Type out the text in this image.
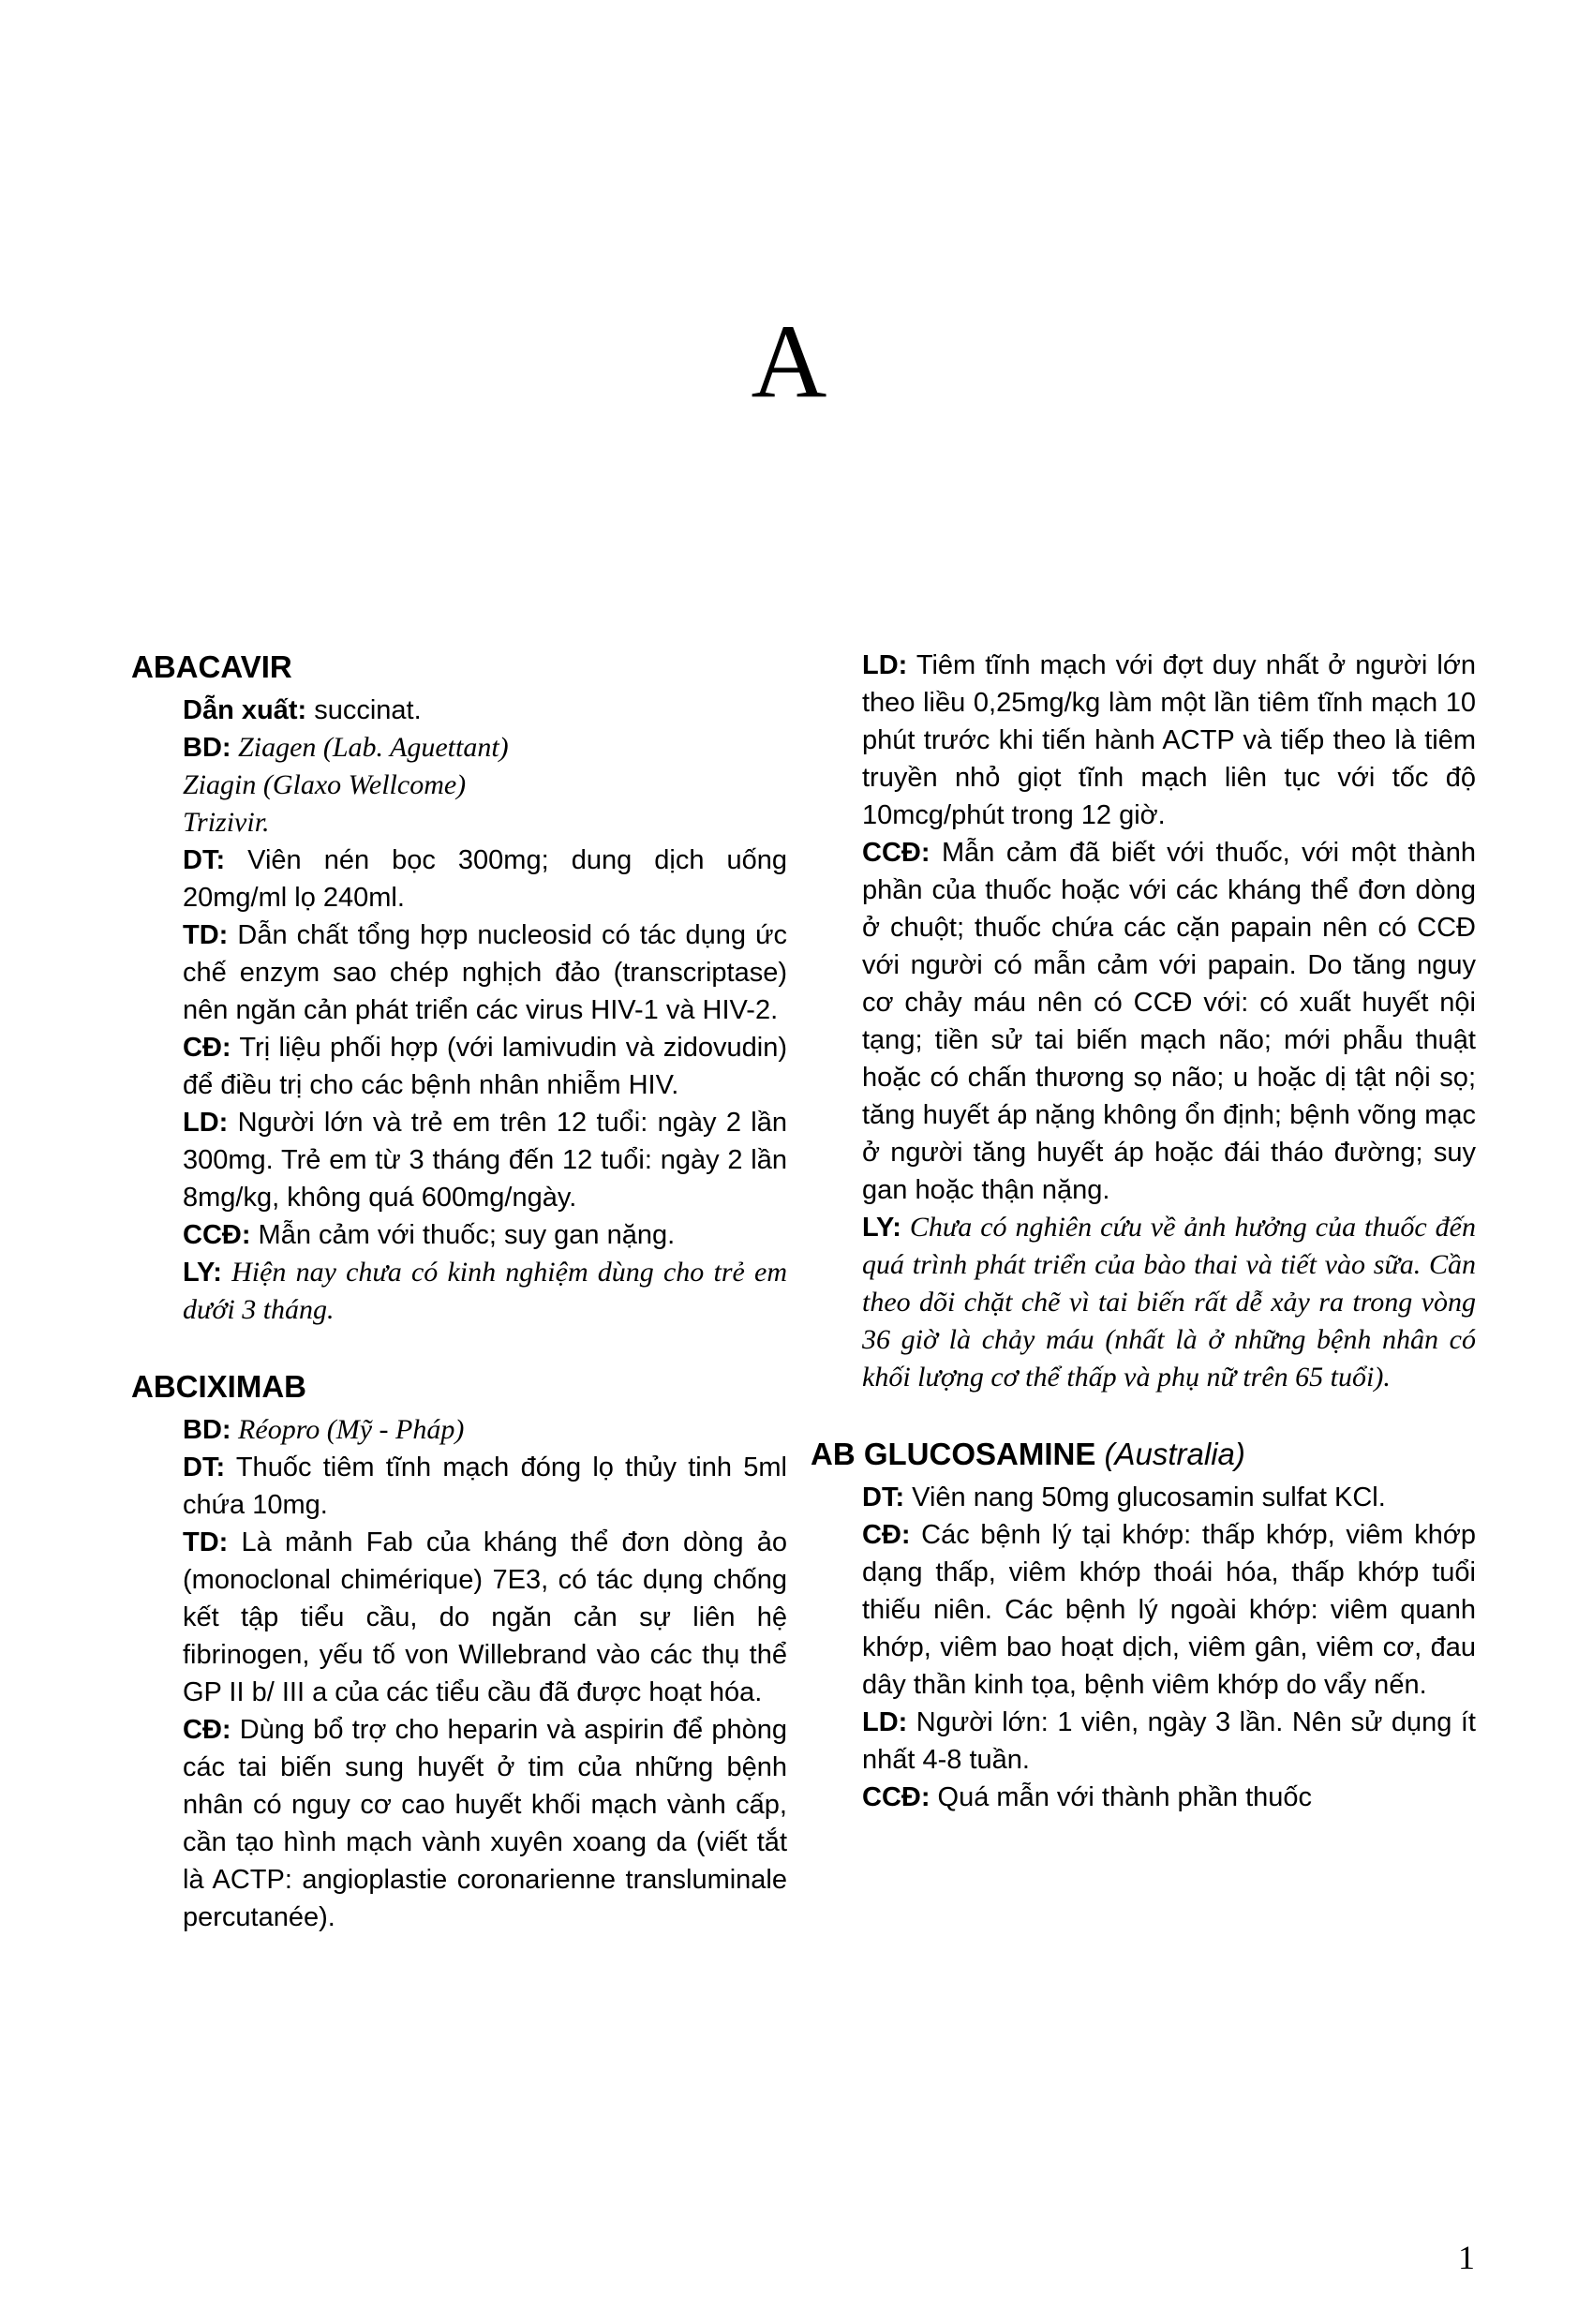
A
ABACAVIR
Dẫn xuất: succinat.
BD: Ziagen (Lab. Aguettant)
Ziagin (Glaxo Wellcome)
Trizivir.
DT: Viên nén bọc 300mg; dung dịch uống 20mg/ml lọ 240ml.
TD: Dẫn chất tổng hợp nucleosid có tác dụng ức chế enzym sao chép nghịch đảo (transcriptase) nên ngăn cản phát triển các virus HIV-1 và HIV-2.
CĐ: Trị liệu phối hợp (với lamivudin và zidovudin) để điều trị cho các bệnh nhân nhiễm HIV.
LD: Người lớn và trẻ em trên 12 tuổi: ngày 2 lần 300mg. Trẻ em từ 3 tháng đến 12 tuổi: ngày 2 lần 8mg/kg, không quá 600mg/ngày.
CCĐ: Mẫn cảm với thuốc; suy gan nặng.
LY: Hiện nay chưa có kinh nghiệm dùng cho trẻ em dưới 3 tháng.
ABCIXIMAB
BD: Réopro (Mỹ - Pháp)
DT: Thuốc tiêm tĩnh mạch đóng lọ thủy tinh 5ml chứa 10mg.
TD: Là mảnh Fab của kháng thể đơn dòng ảo (monoclonal chimérique) 7E3, có tác dụng chống kết tập tiểu cầu, do ngăn cản sự liên hệ fibrinogen, yếu tố von Willebrand vào các thụ thể GP II b/ III a của các tiểu cầu đã được hoạt hóa.
CĐ: Dùng bổ trợ cho heparin và aspirin để phòng các tai biến sung huyết ở tim của những bệnh nhân có nguy cơ cao huyết khối mạch vành cấp, cần tạo hình mạch vành xuyên xoang da (viết tắt là ACTP: angioplastie coronarienne transluminale percutanée).
LD: Tiêm tĩnh mạch với đợt duy nhất ở người lớn theo liều 0,25mg/kg làm một lần tiêm tĩnh mạch 10 phút trước khi tiến hành ACTP và tiếp theo là tiêm truyền nhỏ giọt tĩnh mạch liên tục với tốc độ 10mcg/phút trong 12 giờ.
CCĐ: Mẫn cảm đã biết với thuốc, với một thành phần của thuốc hoặc với các kháng thể đơn dòng ở chuột; thuốc chứa các cặn papain nên có CCĐ với người có mẫn cảm với papain. Do tăng nguy cơ chảy máu nên có CCĐ với: có xuất huyết nội tạng; tiền sử tai biến mạch não; mới phẫu thuật hoặc có chấn thương sọ não; u hoặc dị tật nội sọ; tăng huyết áp nặng không ổn định; bệnh võng mạc ở người tăng huyết áp hoặc đái tháo đường; suy gan hoặc thận nặng.
LY: Chưa có nghiên cứu về ảnh hưởng của thuốc đến quá trình phát triển của bào thai và tiết vào sữa. Cần theo dõi chặt chẽ vì tai biến rất dễ xảy ra trong vòng 36 giờ là chảy máu (nhất là ở những bệnh nhân có khối lượng cơ thể thấp và phụ nữ trên 65 tuổi).
AB GLUCOSAMINE (Australia)
DT: Viên nang 50mg glucosamin sulfat KCl.
CĐ: Các bệnh lý tại khớp: thấp khớp, viêm khớp dạng thấp, viêm khớp thoái hóa, thấp khớp tuổi thiếu niên. Các bệnh lý ngoài khớp: viêm quanh khớp, viêm bao hoạt dịch, viêm gân, viêm cơ, đau dây thần kinh tọa, bệnh viêm khớp do vẩy nến.
LD: Người lớn: 1 viên, ngày 3 lần. Nên sử dụng ít nhất 4-8 tuần.
CCĐ: Quá mẫn với thành phần thuốc
1
